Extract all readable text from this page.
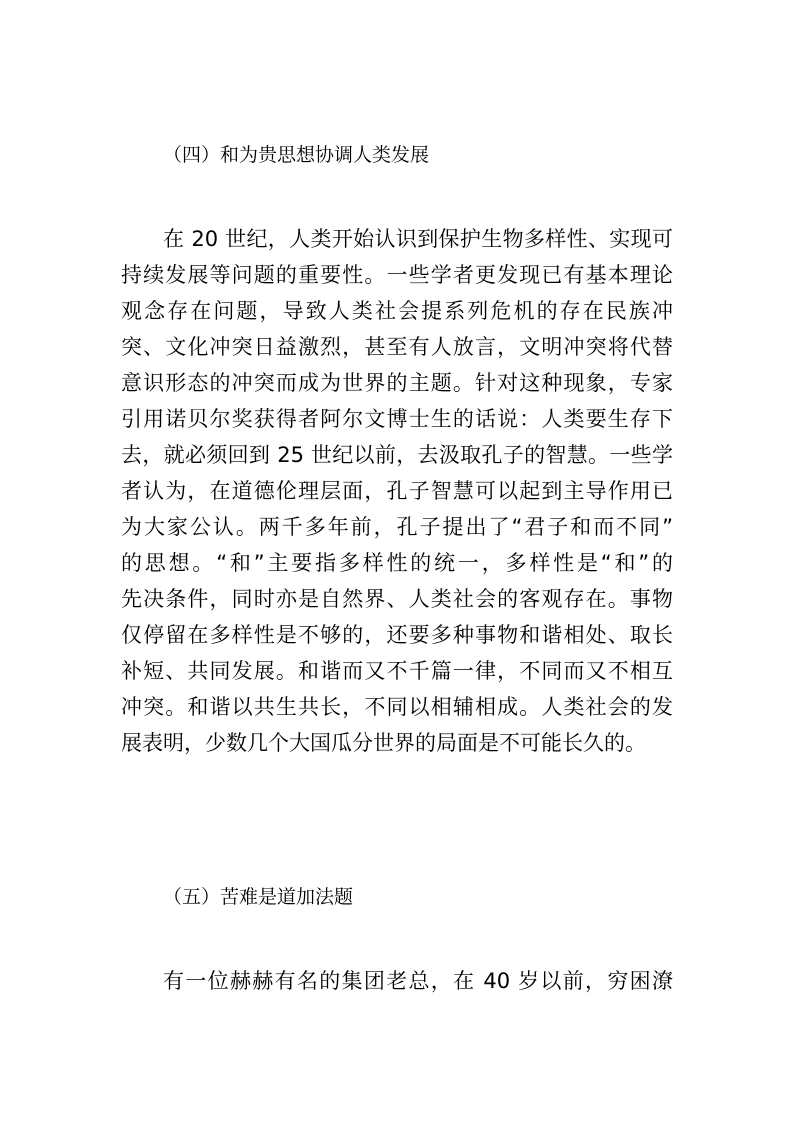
（四）和为贵思想协调人类发展
在 20 世纪，人类开始认识到保护生物多样性、实现可
持续发展等问题的重要性。一些学者更发现已有基本理论
观念存在问题，导致人类社会提系列危机的存在民族冲
突、文化冲突日益激烈，甚至有人放言，文明冲突将代替
意识形态的冲突而成为世界的主题。针对这种现象，专家
引用诺贝尔奖获得者阿尔文博士生的话说：人类要生存下
去，就必须回到 25 世纪以前，去汲取孔子的智慧。一些学
者认为，在道德伦理层面，孔子智慧可以起到主导作用已
为大家公认。两千多年前，孔子提出了“君子和而不同”
的思想。“和”主要指多样性的统一，多样性是“和”的
先决条件，同时亦是自然界、人类社会的客观存在。事物
仅停留在多样性是不够的，还要多种事物和谐相处、取长
补短、共同发展。和谐而又不千篇一律，不同而又不相互
冲突。和谐以共生共长，不同以相辅相成。人类社会的发
展表明，少数几个大国瓜分世界的局面是不可能长久的。
（五）苦难是道加法题
有一位赫赫有名的集团老总，在 40 岁以前，穷困潦
